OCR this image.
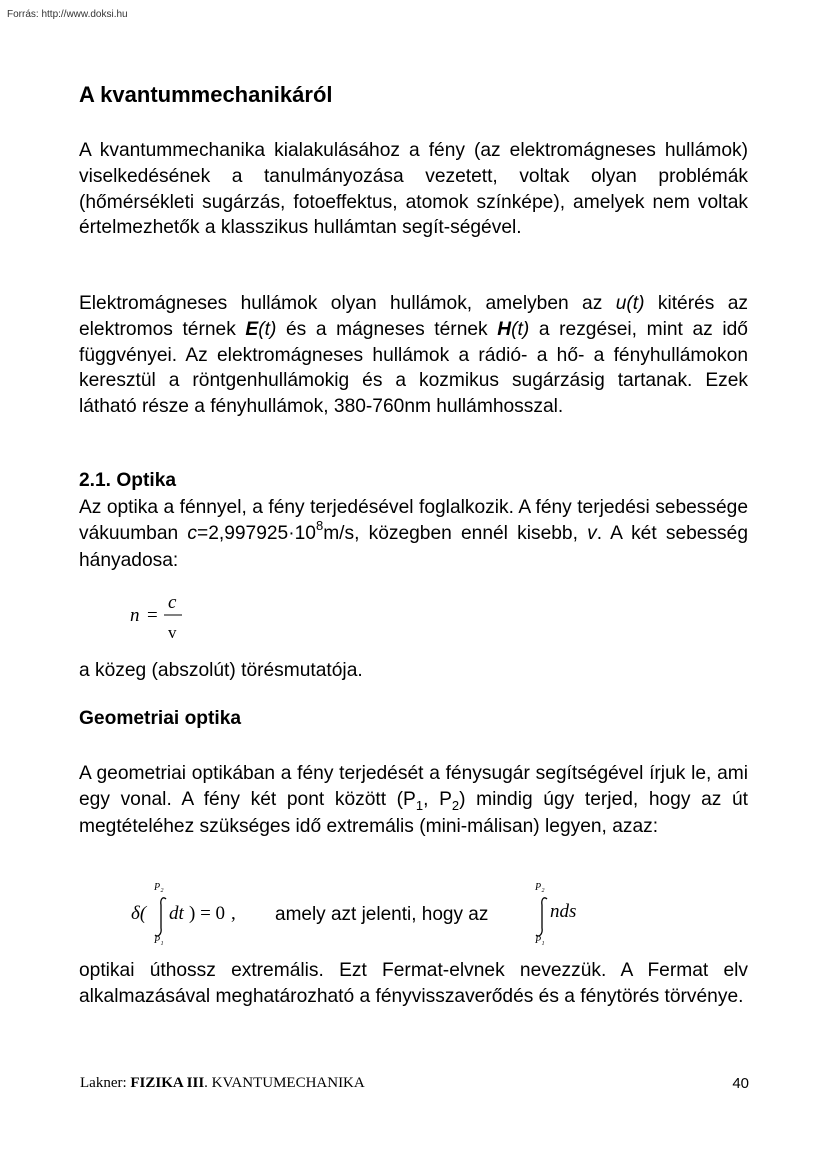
Forrás: http://www.doksi.hu
A kvantummechanikáról

A kvantummechanika kialakulásához a fény (az elektromágneses hullámok) viselkedésének a tanulmányozása vezetett, voltak olyan problémák (hőmérsékleti sugárzás, fotoeffektus, atomok színképe), amelyek nem voltak értelmezhetők a klasszikus hullámtan segít-ségével.

Elektromágneses hullámok olyan hullámok, amelyben az u(t) kitérés az elektromos térnek E(t) és a mágneses térnek H(t) a rezgései, mint az idő függvényei. Az elektromágneses hullámok a rádió- a hő- a fényhullámokon keresztül a röntgenhullámokig és a kozmikus sugárzásig tartanak. Ezek látható része a fényhullámok, 380-760nm hullámhosszal.

2.1. Optika

Az optika a fénnyel, a fény terjedésével foglalkozik. A fény terjedési sebessége vákuumban $c=2,997925\cdot 10^8m/s$, közegben ennél kisebb, v. A két sebesség hányadosa:

n =
c
v

a közeg (abszolút) törésmutatója.

Geometriai optika

A geometriai optikában a fény terjedését a fénysugár segítségével írjuk le, ami egy vonal. A fény két pont között ($P_1$, $P_2$) mindig úgy terjed, hogy az út megtételéhez szükséges idő extremális (mini-málisan) legyen, azaz:

δ(
P₂
P₁
dt ) = 0 , amely azt jelenti, hogy az
P₂
P₁
nds

optikai úthossz extremális. Ezt Fermat-elvnek nevezzük. A Fermat elv alkalmazásával meghatározható a fényvisszaverődés és a fénytörés törvénye.

Lakner: FIZIKA III. KVANTUMECHANIKA	40
